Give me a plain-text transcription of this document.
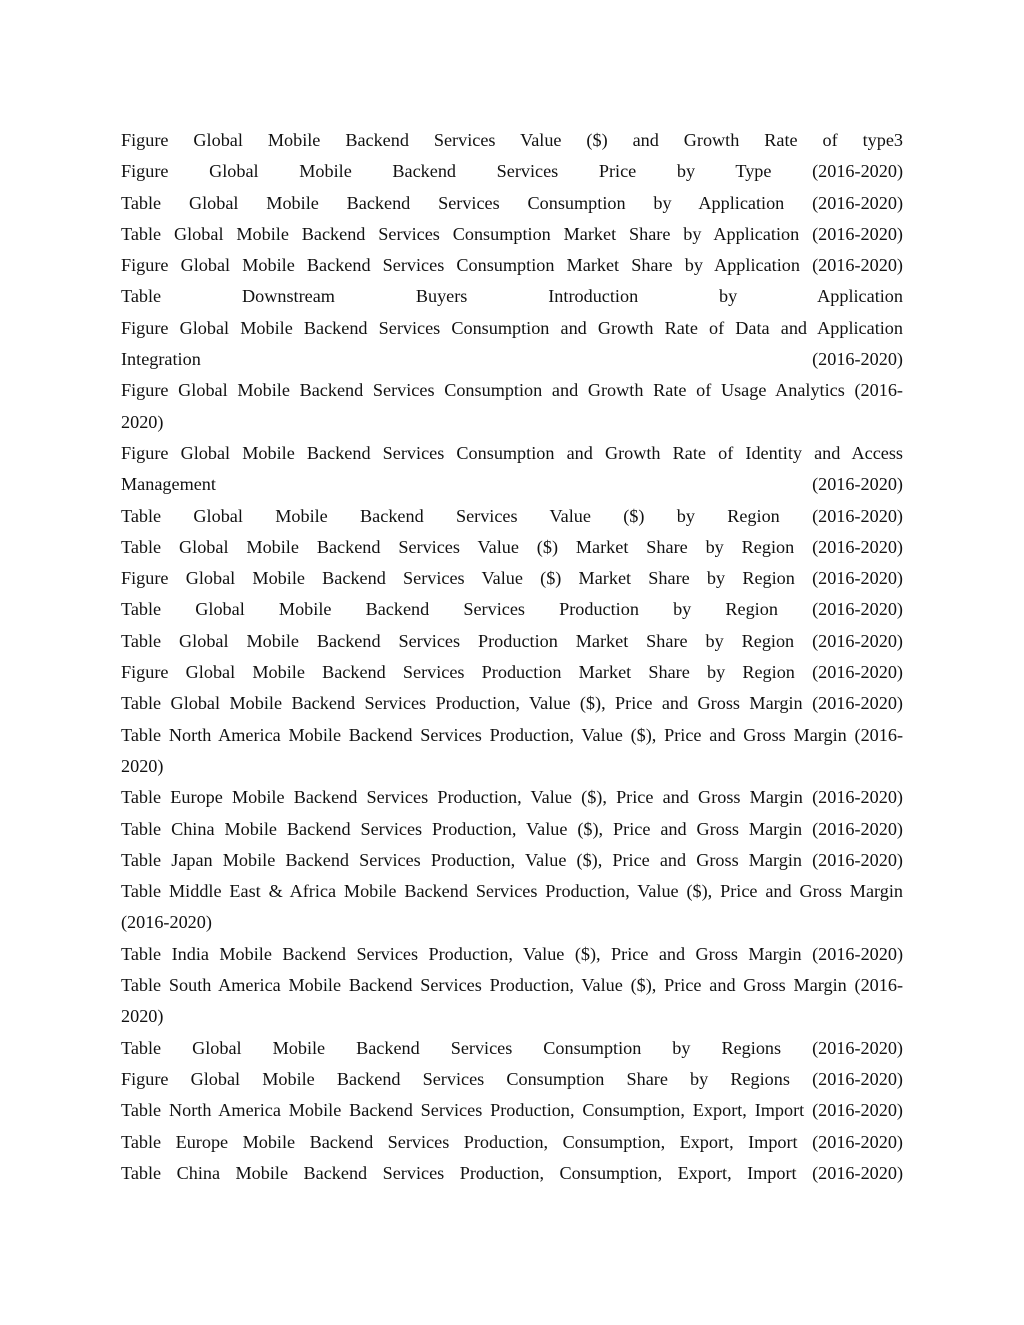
Figure Global Mobile Backend Services Value ($) and Growth Rate of type3
Figure Global Mobile Backend Services Price by Type (2016-2020)
Table Global Mobile Backend Services Consumption by Application (2016-2020)
Table Global Mobile Backend Services Consumption Market Share by Application (2016-2020)
Figure Global Mobile Backend Services Consumption Market Share by Application (2016-2020)
Table Downstream Buyers Introduction by Application
Figure Global Mobile Backend Services Consumption and Growth Rate of Data and Application
Integration (2016-2020)
Figure Global Mobile Backend Services Consumption and Growth Rate of Usage Analytics (2016-
2020)
Figure Global Mobile Backend Services Consumption and Growth Rate of Identity and Access
Management (2016-2020)
Table Global Mobile Backend Services Value ($) by Region (2016-2020)
Table Global Mobile Backend Services Value ($) Market Share by Region (2016-2020)
Figure Global Mobile Backend Services Value ($) Market Share by Region (2016-2020)
Table Global Mobile Backend Services Production by Region (2016-2020)
Table Global Mobile Backend Services Production Market Share by Region (2016-2020)
Figure Global Mobile Backend Services Production Market Share by Region (2016-2020)
Table Global Mobile Backend Services Production, Value ($), Price and Gross Margin (2016-2020)
Table North America Mobile Backend Services Production, Value ($), Price and Gross Margin (2016-
2020)
Table Europe Mobile Backend Services Production, Value ($), Price and Gross Margin (2016-2020)
Table China Mobile Backend Services Production, Value ($), Price and Gross Margin (2016-2020)
Table Japan Mobile Backend Services Production, Value ($), Price and Gross Margin (2016-2020)
Table Middle East & Africa Mobile Backend Services Production, Value ($), Price and Gross Margin
(2016-2020)
Table India Mobile Backend Services Production, Value ($), Price and Gross Margin (2016-2020)
Table South America Mobile Backend Services Production, Value ($), Price and Gross Margin (2016-
2020)
Table Global Mobile Backend Services Consumption by Regions (2016-2020)
Figure Global Mobile Backend Services Consumption Share by Regions (2016-2020)
Table North America Mobile Backend Services Production, Consumption, Export, Import (2016-2020)
Table Europe Mobile Backend Services Production, Consumption, Export, Import (2016-2020)
Table China Mobile Backend Services Production, Consumption, Export, Import (2016-2020)
